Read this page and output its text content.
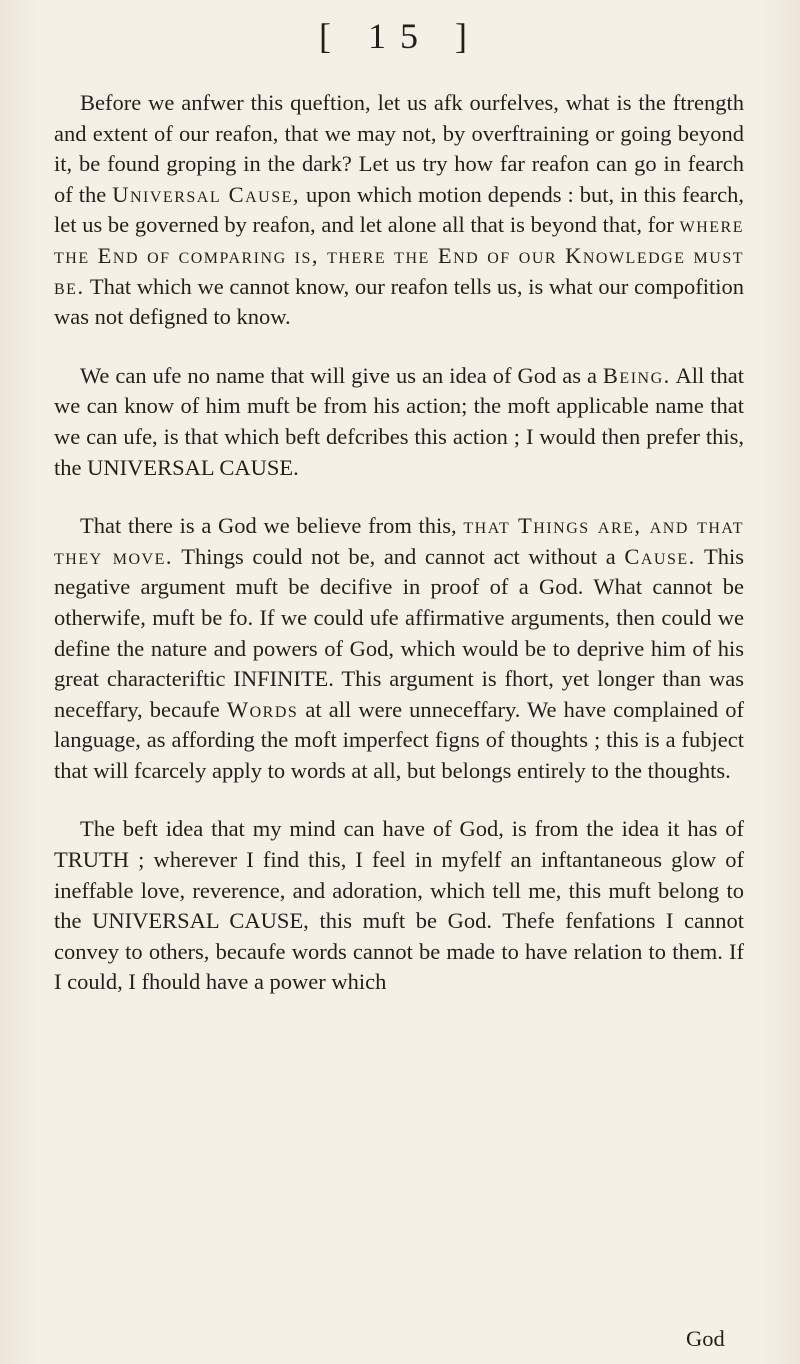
[ 15 ]

Before we anfwer this queftion, let us afk ourfelves, what is the ftrength and extent of our reafon, that we may not, by overftraining or going beyond it, be found groping in the dark? Let us try how far reafon can go in fearch of the Universal Cause, upon which motion depends : but, in this fearch, let us be governed by reafon, and let alone all that is beyond that, for where the End of comparing is, there the End of our Knowledge must be. That which we cannot know, our reafon tells us, is what our compofition was not defigned to know.

We can ufe no name that will give us an idea of God as a Being. All that we can know of him muft be from his action; the moft applicable name that we can ufe, is that which beft defcribes this action ; I would then prefer this, the UNIVERSAL CAUSE.

That there is a God we believe from this, that Things are, and that they move. Things could not be, and cannot act without a Cause. This negative argument muft be decifive in proof of a God. What cannot be otherwife, muft be fo. If we could ufe affirmative arguments, then could we define the nature and powers of God, which would be to deprive him of his great characteriftic INFINITE. This argument is fhort, yet longer than was neceffary, becaufe Words at all were unneceffary. We have complained of language, as affording the moft imperfect figns of thoughts ; this is a fubject that will fcarcely apply to words at all, but belongs entirely to the thoughts.

The beft idea that my mind can have of God, is from the idea it has of TRUTH ; wherever I find this, I feel in myfelf an inftantaneous glow of ineffable love, reverence, and adoration, which tell me, this muft belong to the UNIVERSAL CAUSE, this muft be God. Thefe fenfations I cannot convey to others, becaufe words cannot be made to have relation to them. If I could, I fhould have a power which

God
